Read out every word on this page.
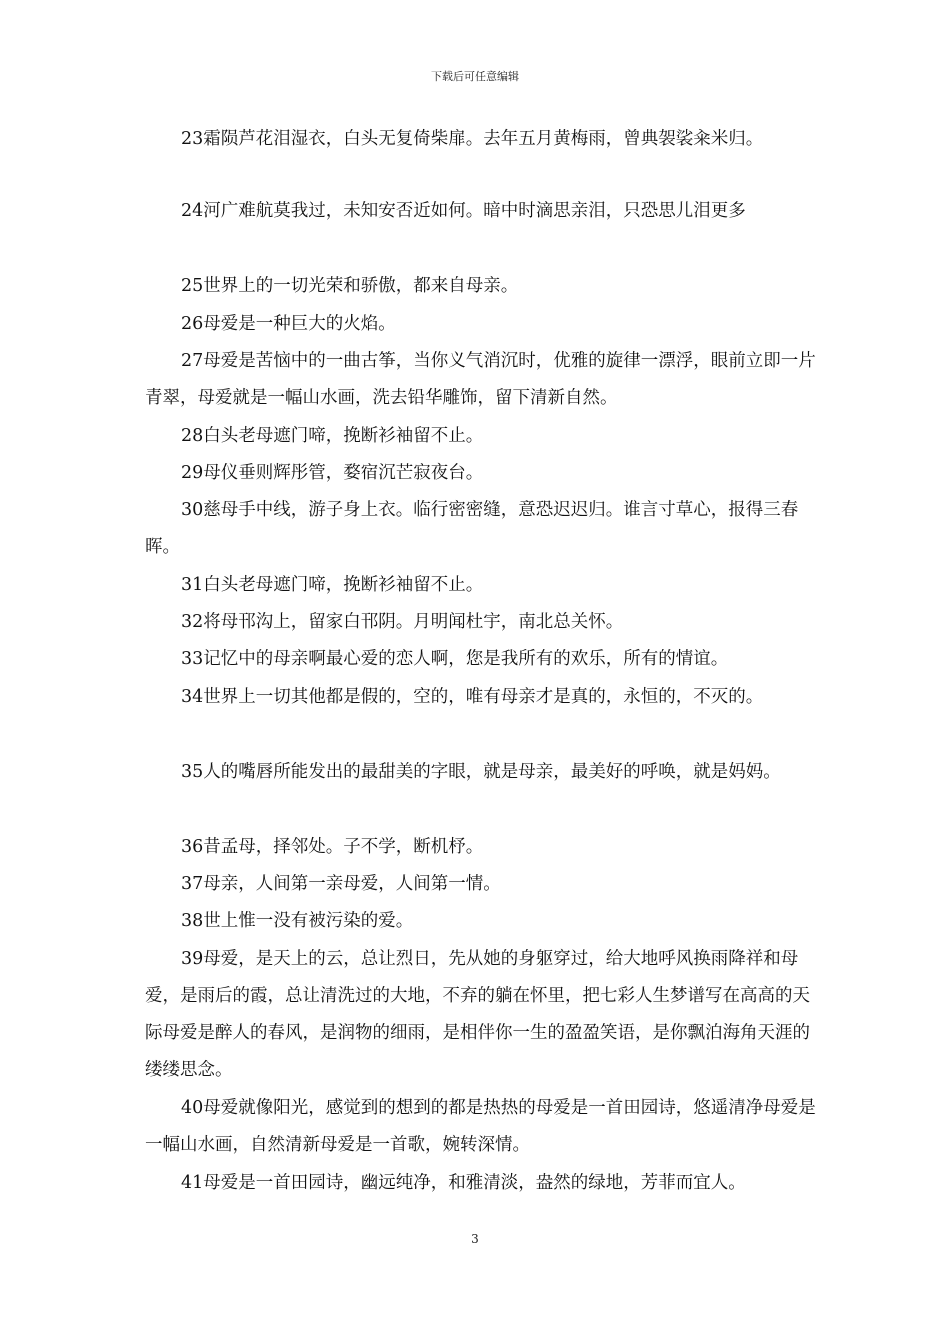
下载后可任意编辑
23霜陨芦花泪湿衣，白头无复倚柴扉。去年五月黄梅雨，曾典袈裟籴米归。
24河广难航莫我过，未知安否近如何。暗中时滴思亲泪，只恐思儿泪更多
25世界上的一切光荣和骄傲，都来自母亲。
26母爱是一种巨大的火焰。
27母爱是苦恼中的一曲古筝，当你义气消沉时，优雅的旋律一漂浮，眼前立即一片青翠，母爱就是一幅山水画，洗去铅华雕饰，留下清新自然。
28白头老母遮门啼，挽断衫袖留不止。
29母仪垂则辉彤管，婺宿沉芒寂夜台。
30慈母手中线，游子身上衣。临行密密缝，意恐迟迟归。谁言寸草心，报得三春晖。
31白头老母遮门啼，挽断衫袖留不止。
32将母邗沟上，留家白邗阴。月明闻杜宇，南北总关怀。
33记忆中的母亲啊最心爱的恋人啊，您是我所有的欢乐，所有的情谊。
34世界上一切其他都是假的，空的，唯有母亲才是真的，永恒的，不灭的。
35人的嘴唇所能发出的最甜美的字眼，就是母亲，最美好的呼唤，就是妈妈。
36昔孟母，择邻处。子不学，断机杼。
37母亲，人间第一亲母爱，人间第一情。
38世上惟一没有被污染的爱。
39母爱，是天上的云，总让烈日，先从她的身躯穿过，给大地呼风换雨降祥和母爱，是雨后的霞，总让清洗过的大地，不弃的躺在怀里，把七彩人生梦谱写在高高的天际母爱是醉人的春风，是润物的细雨，是相伴你一生的盈盈笑语，是你飘泊海角天涯的缕缕思念。
40母爱就像阳光，感觉到的想到的都是热热的母爱是一首田园诗，悠遥清净母爱是一幅山水画，自然清新母爱是一首歌，婉转深情。
41母爱是一首田园诗，幽远纯净，和雅清淡，盎然的绿地，芳菲而宜人。
3
